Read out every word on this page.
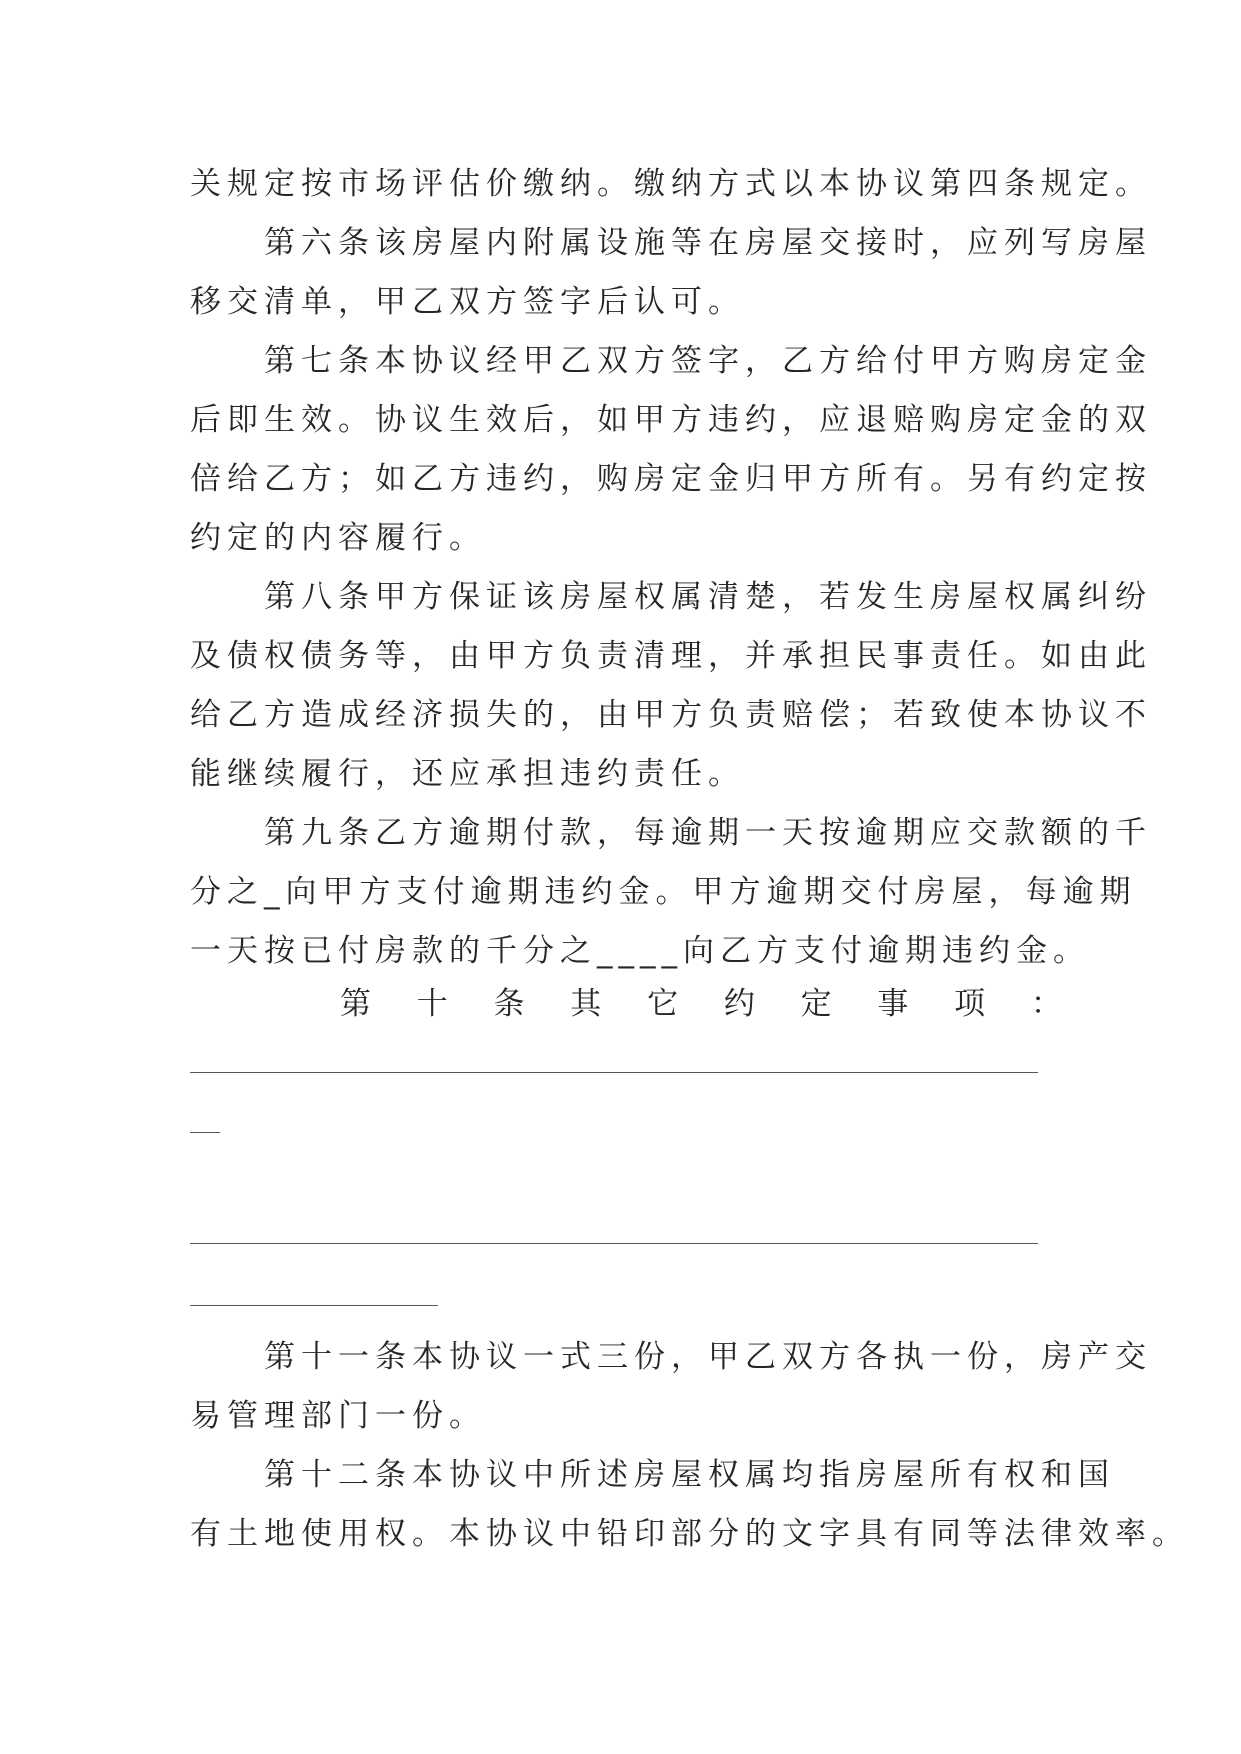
关规定按市场评估价缴纳。缴纳方式以本协议第四条规定。
　　第六条该房屋内附属设施等在房屋交接时，应列写房屋
移交清单，甲乙双方签字后认可。
　　第七条本协议经甲乙双方签字，乙方给付甲方购房定金
后即生效。协议生效后，如甲方违约，应退赔购房定金的双
倍给乙方；如乙方违约，购房定金归甲方所有。另有约定按
约定的内容履行。
　　第八条甲方保证该房屋权属清楚，若发生房屋权属纠纷
及债权债务等，由甲方负责清理，并承担民事责任。如由此
给乙方造成经济损失的，由甲方负责赔偿；若致使本协议不
能继续履行，还应承担违约责任。
　　第九条乙方逾期付款，每逾期一天按逾期应交款额的千
分之_向甲方支付逾期违约金。甲方逾期交付房屋，每逾期
一天按已付房款的千分之____向乙方支付逾期违约金。
第 十 条 其 它 约 定 事 项 ：
　　第十一条本协议一式三份，甲乙双方各执一份，房产交
易管理部门一份。
　　第十二条本协议中所述房屋权属均指房屋所有权和国
有土地使用权。本协议中铅印部分的文字具有同等法律效率。
